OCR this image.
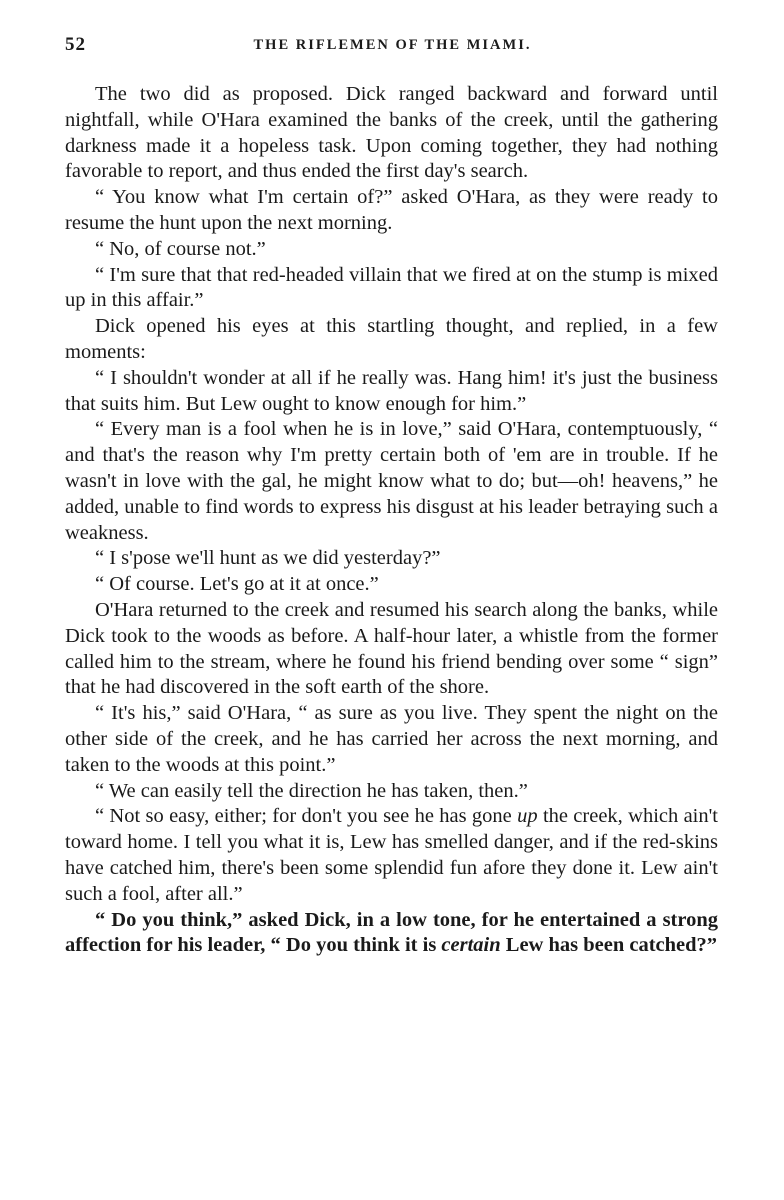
52	THE RIFLEMEN OF THE MIAMI.

The two did as proposed. Dick ranged backward and forward until nightfall, while O'Hara examined the banks of the creek, until the gathering darkness made it a hopeless task. Upon coming together, they had nothing favorable to report, and thus ended the first day's search.

“ You know what I'm certain of?” asked O'Hara, as they were ready to resume the hunt upon the next morning.

“ No, of course not.”

“ I'm sure that that red-headed villain that we fired at on the stump is mixed up in this affair.”

Dick opened his eyes at this startling thought, and replied, in a few moments:

“ I shouldn't wonder at all if he really was. Hang him! it's just the business that suits him. But Lew ought to know enough for him.”

“ Every man is a fool when he is in love,” said O'Hara, contemptuously, “ and that's the reason why I'm pretty certain both of 'em are in trouble. If he wasn't in love with the gal, he might know what to do; but—oh! heavens,” he added, unable to find words to express his disgust at his leader betraying such a weakness.

“ I s'pose we'll hunt as we did yesterday?”

“ Of course. Let's go at it at once.”

O'Hara returned to the creek and resumed his search along the banks, while Dick took to the woods as before. A half-hour later, a whistle from the former called him to the stream, where he found his friend bending over some “ sign” that he had discovered in the soft earth of the shore.

“ It's his,” said O'Hara, “ as sure as you live. They spent the night on the other side of the creek, and he has carried her across the next morning, and taken to the woods at this point.”

“ We can easily tell the direction he has taken, then.”

“ Not so easy, either; for don't you see he has gone up the creek, which ain't toward home. I tell you what it is, Lew has smelled danger, and if the red-skins have catched him, there's been some splendid fun afore they done it. Lew ain't such a fool, after all.”

“ Do you think,” asked Dick, in a low tone, for he entertained a strong affection for his leader, “ Do you think it is certain Lew has been catched?”
